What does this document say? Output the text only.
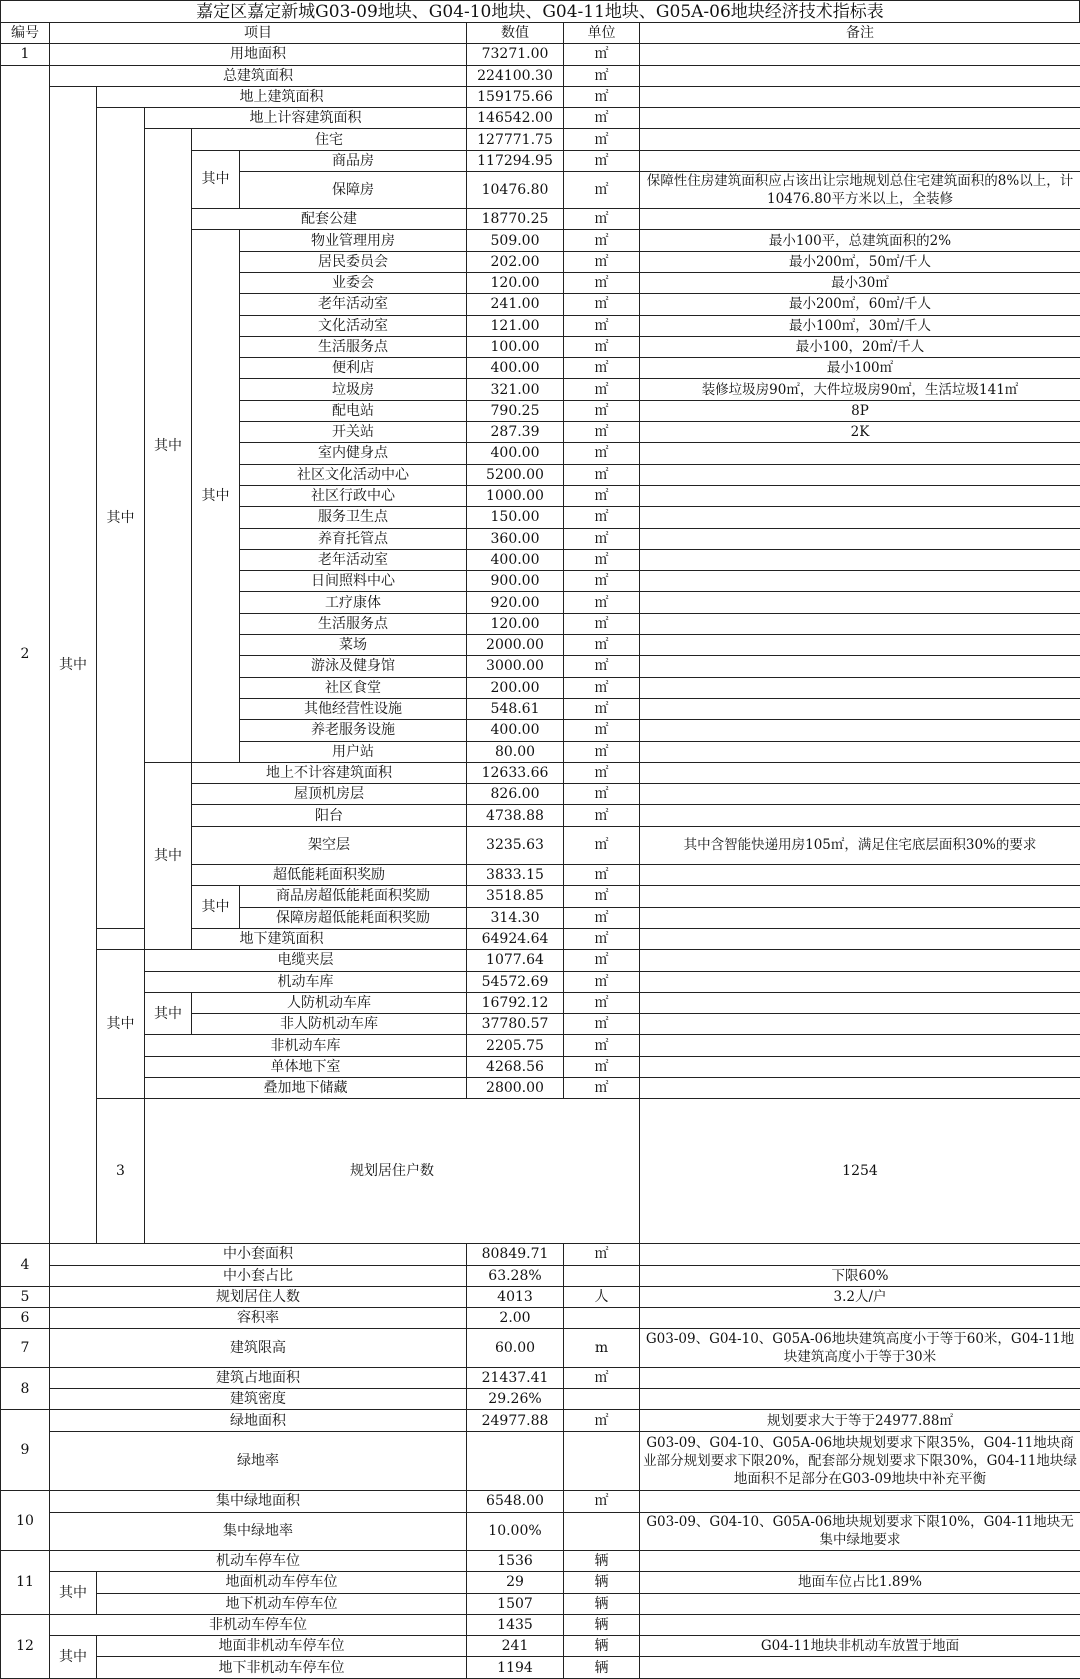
嘉定区嘉定新城G03-09地块、G04-10地块、G04-11地块、G05A-06地块经济技术指标表
编号	项目					数值	单位	备注	
1	用地面积					73271.00	㎡		
2	总建筑面积					224100.30	㎡		
	其中	地上建筑面积				159175.66	㎡		
		其中	地上计容建筑面积			146542.00	㎡		
			其中	住宅		127771.75	㎡		
				其中	商品房	117294.95	㎡		
					保障房	10476.80	㎡	保障性住房建筑面积应占该出让宗地规划总住宅建筑面积的8%以上，计10476.80平方米以上，全装修	
				配套公建		18770.25	㎡		
				其中	物业管理用房	509.00	㎡	最小100平，总建筑面积的2%	
					居民委员会	202.00	㎡	最小200㎡，50㎡/千人	
					业委会	120.00	㎡	最小30㎡	
					老年活动室	241.00	㎡	最小200㎡，60㎡/千人	
					文化活动室	121.00	㎡	最小100㎡，30㎡/千人	
					生活服务点	100.00	㎡	最小100，20㎡/千人	
					便利店	400.00	㎡	最小100㎡	
					垃圾房	321.00	㎡	装修垃圾房90㎡，大件垃圾房90㎡，生活垃圾141㎡	
					配电站	790.25	㎡	8P	
					开关站	287.39	㎡	2K	
					室内健身点	400.00	㎡		
					社区文化活动中心	5200.00	㎡		
					社区行政中心	1000.00	㎡		
					服务卫生点	150.00	㎡		
					养育托管点	360.00	㎡		
					老年活动室	400.00	㎡		
					日间照料中心	900.00	㎡		
					工疗康体	920.00	㎡		
					生活服务点	120.00	㎡		
					菜场	2000.00	㎡		
					游泳及健身馆	3000.00	㎡		
					社区食堂	200.00	㎡		
					其他经营性设施	548.61	㎡		
					养老服务设施	400.00	㎡		
					用户站	80.00	㎡		
			其中	地上不计容建筑面积		12633.66	㎡		
				屋顶机房层		826.00	㎡		
				阳台		4738.88	㎡		
				架空层		3235.63	㎡	其中含智能快递用房105㎡，满足住宅底层面积30%的要求	
				超低能耗面积奖励		3833.15	㎡		
				其中	商品房超低能耗面积奖励	3518.85	㎡		
					保障房超低能耗面积奖励	314.30	㎡		
		地下建筑面积				64924.64	㎡		
		其中	电缆夹层			1077.64	㎡		
			机动车库			54572.69	㎡		
			其中	人防机动车库		16792.12	㎡		
				非人防机动车库		37780.57	㎡		
			非机动车库			2205.75	㎡		
			单体地下室			4268.56	㎡		
			叠加地下储藏			2800.00	㎡		
		3	规划居住户数					1254		
4	中小套面积					80849.71	㎡		
	中小套占比					63.28%		下限60%	
5	规划居住人数					4013	人	3.2人/户	
6	容积率					2.00			
7	建筑限高					60.00	m	G03-09、G04-10、G05A-06地块建筑高度小于等于60米，G04-11地块建筑高度小于等于30米	
8	建筑占地面积					21437.41	㎡		
	建筑密度					29.26%			
9	绿地面积					24977.88	㎡	规划要求大于等于24977.88㎡	
	绿地率							G03-09、G04-10、G05A-06地块规划要求下限35%，G04-11地块商业部分规划要求下限20%，配套部分规划要求下限30%，G04-11地块绿地面积不足部分在G03-09地块中补充平衡	
10	集中绿地面积					6548.00	㎡		
	集中绿地率					10.00%		G03-09、G04-10、G05A-06地块规划要求下限10%，G04-11地块无集中绿地要求	
11	机动车停车位					1536	辆		
	其中	地面机动车停车位				29	辆	地面车位占比1.89%	
		地下机动车停车位				1507	辆		
12	非机动车停车位					1435	辆		
	其中	地面非机动车停车位				241	辆	G04-11地块非机动车放置于地面	
		地下非机动车停车位				1194	辆		
